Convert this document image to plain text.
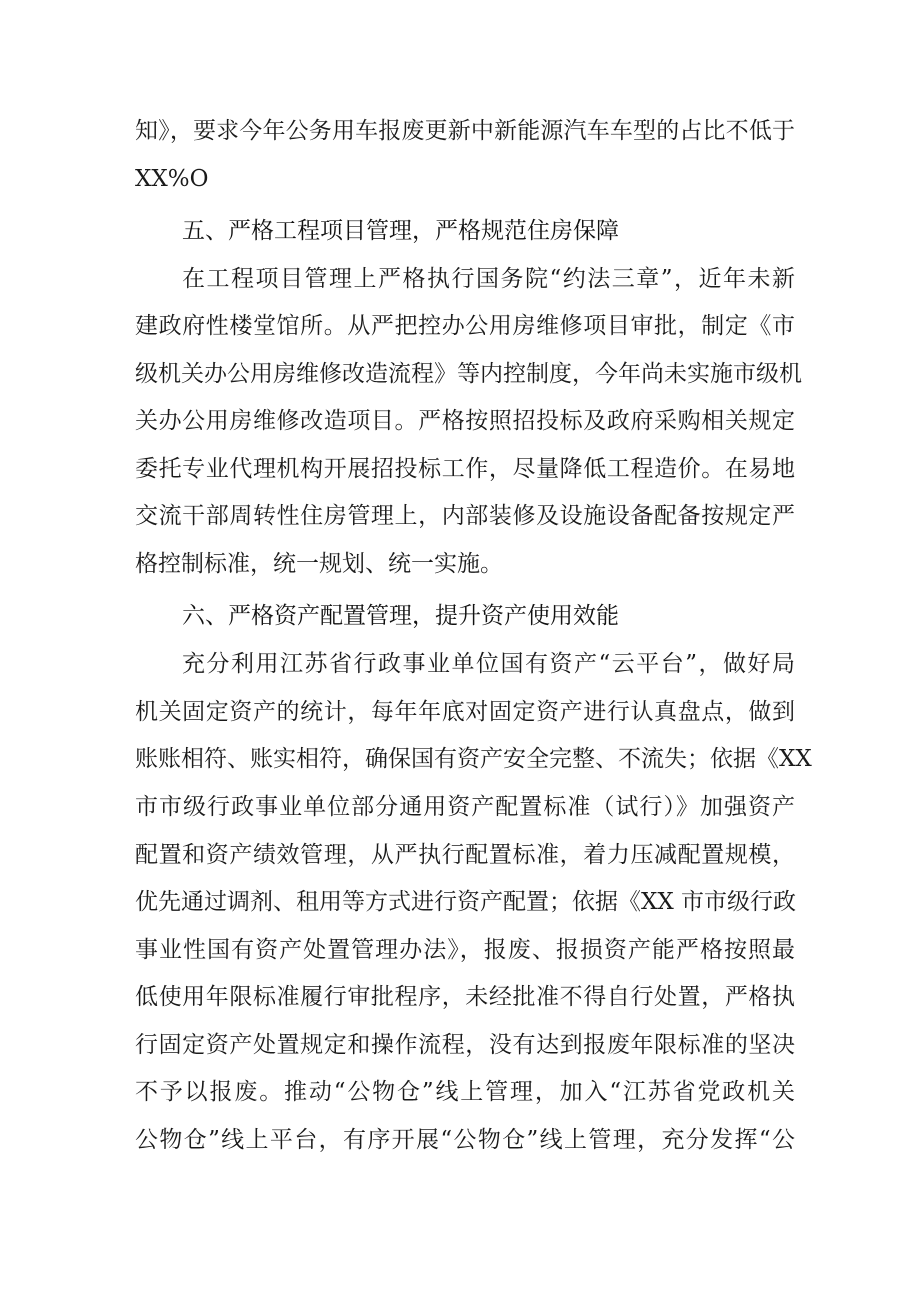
知》，要求今年公务用车报废更新中新能源汽车车型的占比不低于
XX%O
五、严格工程项目管理，严格规范住房保障
在工程项目管理上严格执行国务院“约法三章”，近年未新
建政府性楼堂馆所。从严把控办公用房维修项目审批，制定《市
级机关办公用房维修改造流程》等内控制度，今年尚未实施市级机
关办公用房维修改造项目。严格按照招投标及政府采购相关规定
委托专业代理机构开展招投标工作，尽量降低工程造价。在易地
交流干部周转性住房管理上，内部装修及设施设备配备按规定严
格控制标准，统一规划、统一实施。
六、严格资产配置管理，提升资产使用效能
充分利用江苏省行政事业单位国有资产“云平台”，做好局
机关固定资产的统计，每年年底对固定资产进行认真盘点，做到
账账相符、账实相符，确保国有资产安全完整、不流失；依据《XX
市市级行政事业单位部分通用资产配置标准（试行）》加强资产
配置和资产绩效管理，从严执行配置标准，着力压减配置规模，
优先通过调剂、租用等方式进行资产配置；依据《XX 市市级行政
事业性国有资产处置管理办法》，报废、报损资产能严格按照最
低使用年限标准履行审批程序，未经批准不得自行处置，严格执
行固定资产处置规定和操作流程，没有达到报废年限标准的坚决
不予以报废。推动“公物仓”线上管理，加入“江苏省党政机关
公物仓”线上平台，有序开展“公物仓”线上管理，充分发挥“公
